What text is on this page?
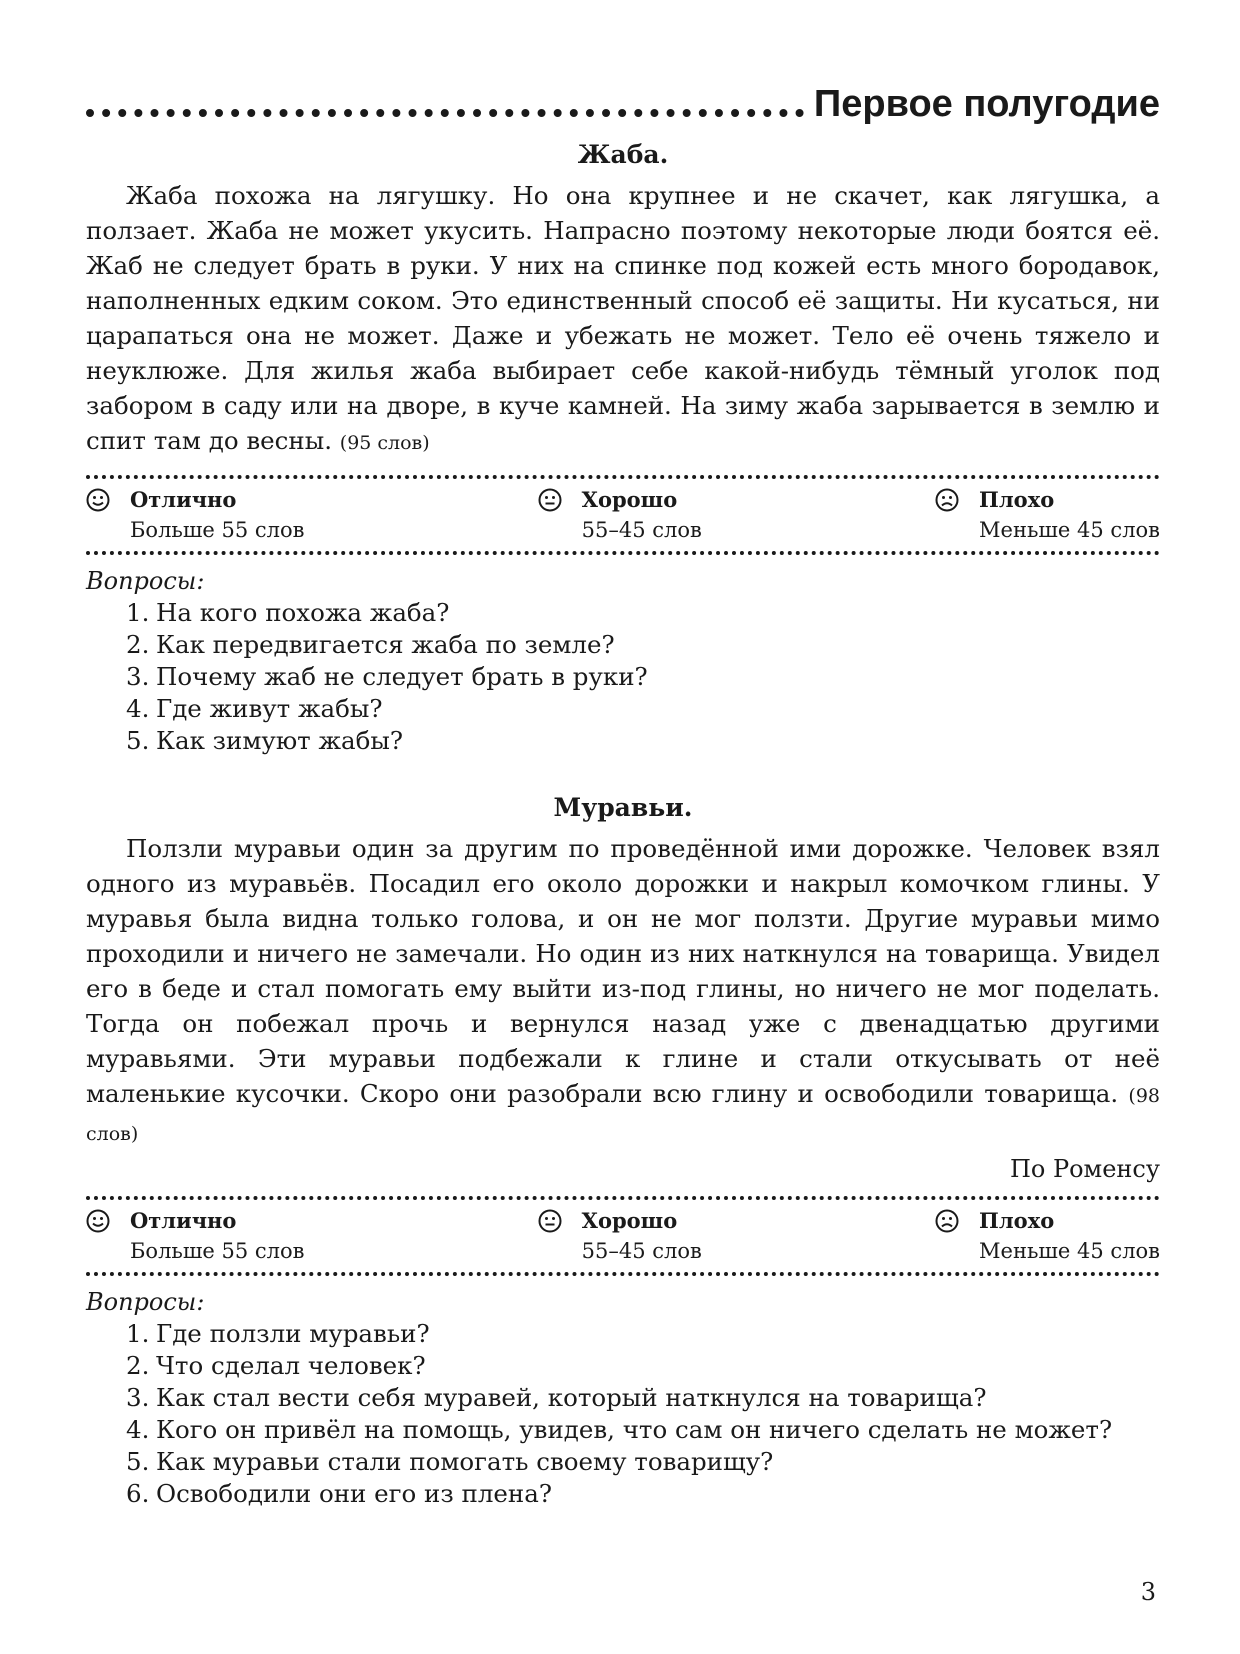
Первое полугодие
Жаба.
Жаба похожа на лягушку. Но она крупнее и не скачет, как лягушка, а ползает. Жаба не может укусить. Напрасно поэтому некоторые люди боятся её. Жаб не следует брать в руки. У них на спинке под кожей есть много бородавок, наполненных едким соком. Это единственный способ её защиты. Ни кусаться, ни царапаться она не может. Даже и убежать не может. Тело её очень тяжело и неуклюже. Для жилья жаба выбирает себе какой-нибудь тёмный уголок под забором в саду или на дворе, в куче камней. На зиму жаба зарывается в землю и спит там до весны. (95 слов)
Отлично
Больше 55 слов
Хорошо
55–45 слов
Плохо
Меньше 45 слов
Вопросы:
1. На кого похожа жаба?
2. Как передвигается жаба по земле?
3. Почему жаб не следует брать в руки?
4. Где живут жабы?
5. Как зимуют жабы?
Муравьи.
Ползли муравьи один за другим по проведённой ими дорожке. Человек взял одного из муравьёв. Посадил его около дорожки и накрыл комочком глины. У муравья была видна только голова, и он не мог ползти. Другие муравьи мимо проходили и ничего не замечали. Но один из них наткнулся на товарища. Увидел его в беде и стал помогать ему выйти из-под глины, но ничего не мог поделать. Тогда он побежал прочь и вернулся назад уже с двенадцатью другими муравьями. Эти муравьи подбежали к глине и стали откусывать от неё маленькие кусочки. Скоро они разобрали всю глину и освободили товарища. (98 слов)
По Роменсу
Отлично
Больше 55 слов
Хорошо
55–45 слов
Плохо
Меньше 45 слов
Вопросы:
1. Где ползли муравьи?
2. Что сделал человек?
3. Как стал вести себя муравей, который наткнулся на товарища?
4. Кого он привёл на помощь, увидев, что сам он ничего сделать не может?
5. Как муравьи стали помогать своему товарищу?
6. Освободили они его из плена?
3
